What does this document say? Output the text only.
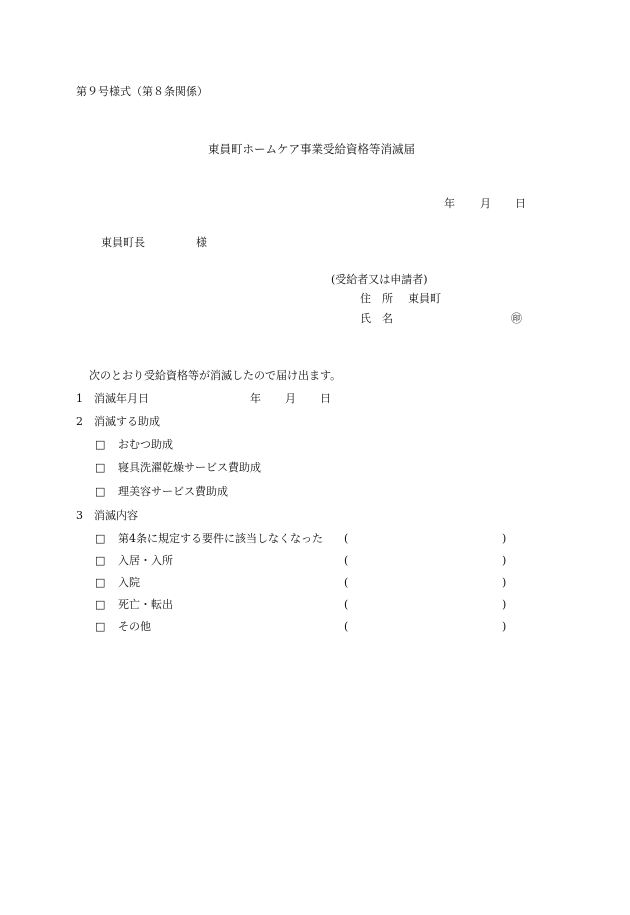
第９号様式（第８条関係）
東員町ホームケア事業受給資格等消滅届
年 月 日
東員町長	様
(受給者又は申請者)
住　所 東員町
氏　名	㊞
次のとおり受給資格等が消滅したので届け出ます。
1　消滅年月日	年 月 日
2　消滅する助成
□ おむつ助成
□ 寝具洗濯乾燥サービス費助成
□ 理美容サービス費助成
3　消滅内容
□ 第4条に規定する要件に該当しなくなった (	)
□ 入居・入所	(	)
□ 入院	(	)
□ 死亡・転出	(	)
□ その他	(	)
